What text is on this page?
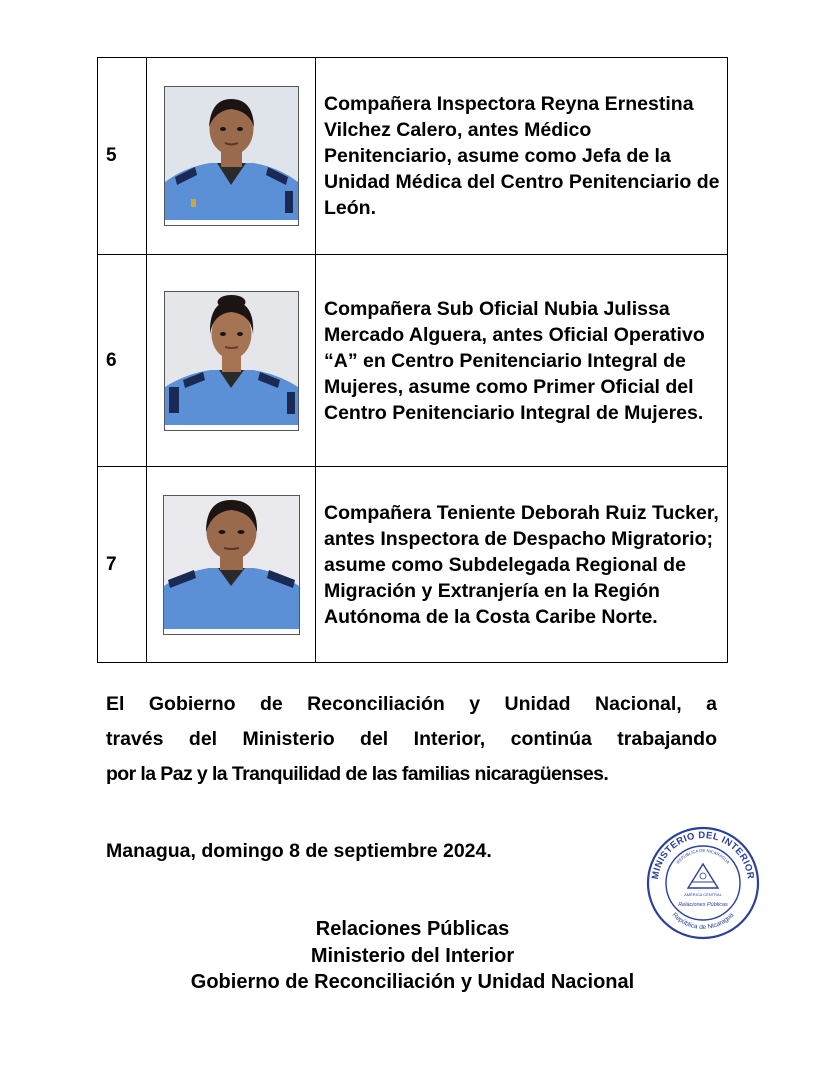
5		Compañera Inspectora Reyna Ernestina Vilchez Calero, antes Médico Penitenciario, asume como Jefa de la Unidad Médica del Centro Penitenciario de León.
6		Compañera Sub Oficial Nubia Julissa Mercado Alguera, antes Oficial Operativo “A” en Centro Penitenciario Integral de Mujeres, asume como Primer Oficial del Centro Penitenciario Integral de Mujeres.
7		Compañera Teniente Deborah Ruiz Tucker, antes Inspectora de Despacho Migratorio; asume como Subdelegada Regional de Migración y Extranjería en la Región Autónoma de la Costa Caribe Norte.
El Gobierno de Reconciliación y Unidad Nacional, a
través del Ministerio del Interior, continúa trabajando
por la Paz y la Tranquilidad de las familias nicaragüenses.
Managua, domingo 8 de septiembre 2024.
MINISTERIO DEL INTERIOR
República de Nicaragua
REPÚBLICA DE NICARAGUA
AMÉRICA CENTRAL
Relaciones Públicas
Relaciones Públicas
Ministerio del Interior
Gobierno de Reconciliación y Unidad Nacional
